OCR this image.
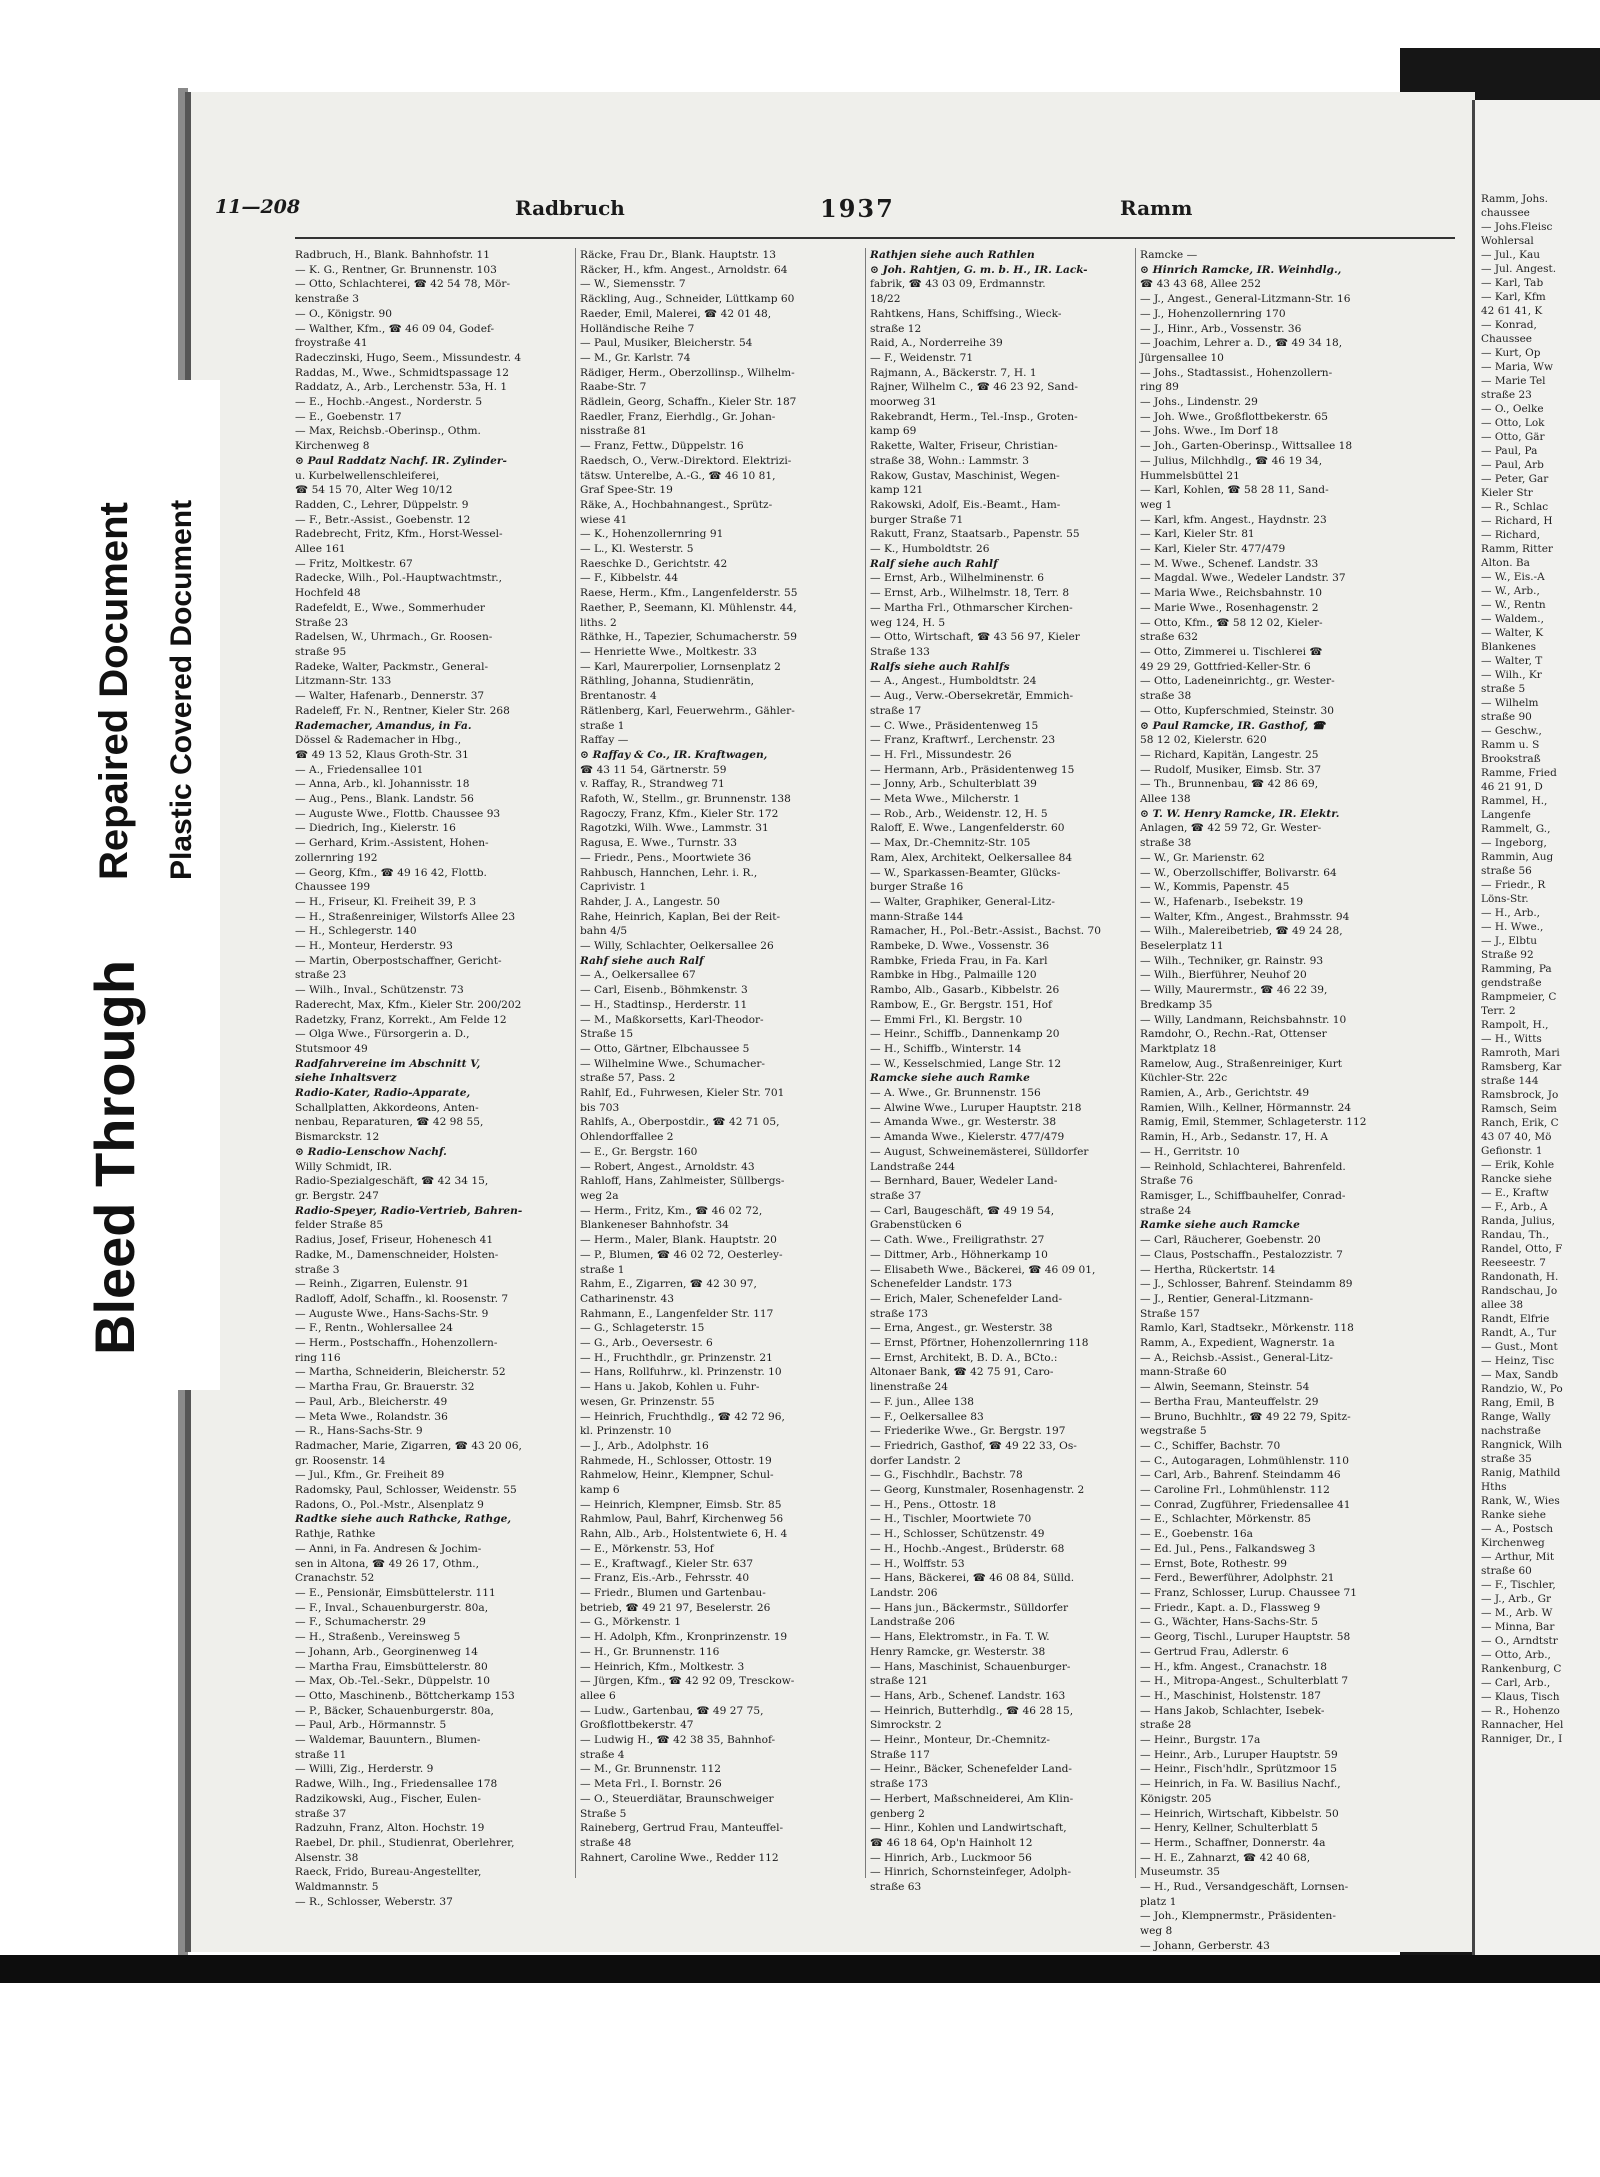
Ramm, Johs.
chaussee
— Johs.Fleisc
Wohlersal
— Jul., Kau
— Jul. Angest.
— Karl, Tab
— Karl, Kfm
42 61 41, K
— Konrad,
Chaussee
— Kurt, Op
— Maria, Ww
— Marie Tel
straße 23
— O., Oelke
— Otto, Lok
— Otto, Gär
— Paul, Pa
— Paul, Arb
— Peter, Gar
Kieler Str
— R., Schlac
— Richard, H
— Richard,
Ramm, Ritter
Alton. Ba
— W., Eis.-A
— W., Arb.,
— W., Rentn
— Waldem.,
— Walter, K
Blankenes
— Walter, T
— Wilh., Kr
straße 5
— Wilhelm
straße 90
— Geschw.,
Ramm u. S
Brookstraß
Ramme, Fried
46 21 91, D
Rammel, H.,
Langenfe
Rammelt, G.,
— Ingeborg,
Rammin, Aug
straße 56
— Friedr., R
Löns-Str.
— H., Arb.,
— H. Wwe.,
— J., Elbtu
Straße 92
Ramming, Pa
gendstraße
Rampmeier, C
Terr. 2
Rampolt, H.,
— H., Witts
Ramroth, Mari
Ramsberg, Kar
straße 144
Ramsbrock, Jo
Ramsch, Seim
Ranch, Erik, C
43 07 40, Mö
Gefionstr. 1
— Erik, Kohle
Rancke siehe
— E., Kraftw
— F., Arb., A
Randa, Julius,
Randau, Th.,
Randel, Otto, F
Reeseestr. 7
Randonath, H.
Randschau, Jo
allee 38
Randt, Elfrie
Randt, A., Tur
— Gust., Mont
— Heinz, Tisc
— Max, Sandb
Randzio, W., Po
Rang, Emil, B
Range, Wally
nachstraße
Rangnick, Wilh
straße 35
Ranig, Mathild
Hths
Rank, W., Wies
Ranke siehe
— A., Postsch
Kirchenweg
— Arthur, Mit
straße 60
— F., Tischler,
— J., Arb., Gr
— M., Arb. W
— Minna, Bar
— O., Arndtstr
— Otto, Arb.,
Rankenburg, C
— Carl, Arb.,
— Klaus, Tisch
— R., Hohenzo
Rannacher, Hel
Ranniger, Dr., I
Bleed Through
Repaired Document Plastic Covered Document
11—208	Radbruch	1937	Ramm
Radbruch, H., Blank. Bahnhofstr. 11
— K. G., Rentner, Gr. Brunnenstr. 103
— Otto, Schlachterei, ☎ 42 54 78, Mör-
kenstraße 3
— O., Königstr. 90
— Walther, Kfm., ☎ 46 09 04, Godef-
froystraße 41
Radeczinski, Hugo, Seem., Missundestr. 4
Raddas, M., Wwe., Schmidtspassage 12
Raddatz, A., Arb., Lerchenstr. 53a, H. 1
— E., Hochb.-Angest., Norderstr. 5
— E., Goebenstr. 17
— Max, Reichsb.-Oberinsp., Othm.
Kirchenweg 8
⊙ Paul Raddatz Nachf. IR. Zylinder-
u. Kurbelwellenschleiferei,
☎ 54 15 70, Alter Weg 10/12
Radden, C., Lehrer, Düppelstr. 9
— F., Betr.-Assist., Goebenstr. 12
Radebrecht, Fritz, Kfm., Horst-Wessel-
Allee 161
— Fritz, Moltkestr. 67
Radecke, Wilh., Pol.-Hauptwachtmstr.,
Hochfeld 48
Radefeldt, E., Wwe., Sommerhuder
Straße 23
Radelsen, W., Uhrmach., Gr. Roosen-
straße 95
Radeke, Walter, Packmstr., General-
Litzmann-Str. 133
— Walter, Hafenarb., Dennerstr. 37
Radeleff, Fr. N., Rentner, Kieler Str. 268
Rademacher, Amandus, in Fa.
Dössel & Rademacher in Hbg.,
☎ 49 13 52, Klaus Groth-Str. 31
— A., Friedensallee 101
— Anna, Arb., kl. Johannisstr. 18
— Aug., Pens., Blank. Landstr. 56
— Auguste Wwe., Flottb. Chaussee 93
— Diedrich, Ing., Kielerstr. 16
— Gerhard, Krim.-Assistent, Hohen-
zollernring 192
— Georg, Kfm., ☎ 49 16 42, Flottb.
Chaussee 199
— H., Friseur, Kl. Freiheit 39, P. 3
— H., Straßenreiniger, Wilstorfs Allee 23
— H., Schlegerstr. 140
— H., Monteur, Herderstr. 93
— Martin, Oberpostschaffner, Gericht-
straße 23
— Wilh., Inval., Schützenstr. 73
Raderecht, Max, Kfm., Kieler Str. 200/202
Radetzky, Franz, Korrekt., Am Felde 12
— Olga Wwe., Fürsorgerin a. D.,
Stutsmoor 49
Radfahrvereine im Abschnitt V,
siehe Inhaltsverz
Radio-Kater, Radio-Apparate,
Schallplatten, Akkordeons, Anten-
nenbau, Reparaturen, ☎ 42 98 55,
Bismarckstr. 12
⊙ Radio-Lenschow Nachf.
Willy Schmidt, IR.
Radio-Spezialgeschäft, ☎ 42 34 15,
gr. Bergstr. 247
Radio-Speyer, Radio-Vertrieb, Bahren-
felder Straße 85
Radius, Josef, Friseur, Hohenesch 41
Radke, M., Damenschneider, Holsten-
straße 3
— Reinh., Zigarren, Eulenstr. 91
Radloff, Adolf, Schaffn., kl. Roosenstr. 7
— Auguste Wwe., Hans-Sachs-Str. 9
— F., Rentn., Wohlersallee 24
— Herm., Postschaffn., Hohenzollern-
ring 116
— Martha, Schneiderin, Bleicherstr. 52
— Martha Frau, Gr. Brauerstr. 32
— Paul, Arb., Bleicherstr. 49
— Meta Wwe., Rolandstr. 36
— R., Hans-Sachs-Str. 9
Radmacher, Marie, Zigarren, ☎ 43 20 06,
gr. Roosenstr. 14
— Jul., Kfm., Gr. Freiheit 89
Radomsky, Paul, Schlosser, Weidenstr. 55
Radons, O., Pol.-Mstr., Alsenplatz 9
Radtke siehe auch Rathcke, Rathge,
Rathje, Rathke
— Anni, in Fa. Andresen & Jochim-
sen in Altona, ☎ 49 26 17, Othm.,
Cranachstr. 52
— E., Pensionär, Eimsbüttelerstr. 111
— F., Inval., Schauenburgerstr. 80a,
— F., Schumacherstr. 29
— H., Straßenb., Vereinsweg 5
— Johann, Arb., Georginenweg 14
— Martha Frau, Eimsbüttelerstr. 80
— Max, Ob.-Tel.-Sekr., Düppelstr. 10
— Otto, Maschinenb., Böttcherkamp 153
— P., Bäcker, Schauenburgerstr. 80a,
— Paul, Arb., Hörmannstr. 5
— Waldemar, Bauuntern., Blumen-
straße 11
— Willi, Zig., Herderstr. 9
Radwe, Wilh., Ing., Friedensallee 178
Radzikowski, Aug., Fischer, Eulen-
straße 37
Radzuhn, Franz, Alton. Hochstr. 19
Raebel, Dr. phil., Studienrat, Oberlehrer,
Alsenstr. 38
Raeck, Frido, Bureau-Angestellter,
Waldmannstr. 5
— R., Schlosser, Weberstr. 37
Räcke, Frau Dr., Blank. Hauptstr. 13
Räcker, H., kfm. Angest., Arnoldstr. 64
— W., Siemensstr. 7
Räckling, Aug., Schneider, Lüttkamp 60
Raeder, Emil, Malerei, ☎ 42 01 48,
Holländische Reihe 7
— Paul, Musiker, Bleicherstr. 54
— M., Gr. Karlstr. 74
Rädiger, Herm., Oberzollinsp., Wilhelm-
Raabe-Str. 7
Rädlein, Georg, Schaffn., Kieler Str. 187
Raedler, Franz, Eierhdlg., Gr. Johan-
nisstraße 81
— Franz, Fettw., Düppelstr. 16
Raedsch, O., Verw.-Direktord. Elektrizi-
tätsw. Unterelbe, A.-G., ☎ 46 10 81,
Graf Spee-Str. 19
Räke, A., Hochbahnangest., Sprütz-
wiese 41
— K., Hohenzollernring 91
— L., Kl. Westerstr. 5
Raeschke D., Gerichtstr. 42
— F., Kibbelstr. 44
Raese, Herm., Kfm., Langenfelderstr. 55
Raether, P., Seemann, Kl. Mühlenstr. 44,
liths. 2
Räthke, H., Tapezier, Schumacherstr. 59
— Henriette Wwe., Moltkestr. 33
— Karl, Maurerpolier, Lornsenplatz 2
Räthling, Johanna, Studienrätin,
Brentanostr. 4
Rätlenberg, Karl, Feuerwehrm., Gähler-
straße 1
Raffay —
⊙ Raffay & Co., IR. Kraftwagen,
☎ 43 11 54, Gärtnerstr. 59
v. Raffay, R., Strandweg 71
Rafoth, W., Stellm., gr. Brunnenstr. 138
Ragoczy, Franz, Kfm., Kieler Str. 172
Ragotzki, Wilh. Wwe., Lammstr. 31
Ragusa, E. Wwe., Turnstr. 33
— Friedr., Pens., Moortwiete 36
Rahbusch, Hannchen, Lehr. i. R.,
Caprivistr. 1
Rahder, J. A., Langestr. 50
Rahe, Heinrich, Kaplan, Bei der Reit-
bahn 4/5
— Willy, Schlachter, Oelkersallee 26
Rahf siehe auch Ralf
— A., Oelkersallee 67
— Carl, Eisenb., Böhmkenstr. 3
— H., Stadtinsp., Herderstr. 11
— M., Maßkorsetts, Karl-Theodor-
Straße 15
— Otto, Gärtner, Elbchaussee 5
— Wilhelmine Wwe., Schumacher-
straße 57, Pass. 2
Rahlf, Ed., Fuhrwesen, Kieler Str. 701
bis 703
Rahlfs, A., Oberpostdir., ☎ 42 71 05,
Ohlendorffallee 2
— E., Gr. Bergstr. 160
— Robert, Angest., Arnoldstr. 43
Rahloff, Hans, Zahlmeister, Süllbergs-
weg 2a
— Herm., Fritz, Km., ☎ 46 02 72,
Blankeneser Bahnhofstr. 34
— Herm., Maler, Blank. Hauptstr. 20
— P., Blumen, ☎ 46 02 72, Oesterley-
straße 1
Rahm, E., Zigarren, ☎ 42 30 97,
Catharinenstr. 43
Rahmann, E., Langenfelder Str. 117
— G., Schlageterstr. 15
— G., Arb., Oeversestr. 6
— H., Fruchthdlr., gr. Prinzenstr. 21
— Hans, Rollfuhrw., kl. Prinzenstr. 10
— Hans u. Jakob, Kohlen u. Fuhr-
wesen, Gr. Prinzenstr. 55
— Heinrich, Fruchthdlg., ☎ 42 72 96,
kl. Prinzenstr. 10
— J., Arb., Adolphstr. 16
Rahmede, H., Schlosser, Ottostr. 19
Rahmelow, Heinr., Klempner, Schul-
kamp 6
— Heinrich, Klempner, Eimsb. Str. 85
Rahmlow, Paul, Bahrf, Kirchenweg 56
Rahn, Alb., Arb., Holstentwiete 6, H. 4
— E., Mörkenstr. 53, Hof
— E., Kraftwagf., Kieler Str. 637
— Franz, Eis.-Arb., Fehrsstr. 40
— Friedr., Blumen und Gartenbau-
betrieb, ☎ 49 21 97, Beselerstr. 26
— G., Mörkenstr. 1
— H. Adolph, Kfm., Kronprinzenstr. 19
— H., Gr. Brunnenstr. 116
— Heinrich, Kfm., Moltkestr. 3
— Jürgen, Kfm., ☎ 42 92 09, Tresckow-
allee 6
— Ludw., Gartenbau, ☎ 49 27 75,
Großflottbekerstr. 47
— Ludwig H., ☎ 42 38 35, Bahnhof-
straße 4
— M., Gr. Brunnenstr. 112
— Meta Frl., I. Bornstr. 26
— O., Steuerdiätar, Braunschweiger
Straße 5
Raineberg, Gertrud Frau, Manteuffel-
straße 48
Rahnert, Caroline Wwe., Redder 112
Rathjen siehe auch Rathlen
⊙ Joh. Rahtjen, G. m. b. H., IR. Lack-
fabrik, ☎ 43 03 09, Erdmannstr.
18/22
Rahtkens, Hans, Schiffsing., Wieck-
straße 12
Raid, A., Norderreihe 39
— F., Weidenstr. 71
Rajmann, A., Bäckerstr. 7, H. 1
Rajner, Wilhelm C., ☎ 46 23 92, Sand-
moorweg 31
Rakebrandt, Herm., Tel.-Insp., Groten-
kamp 69
Rakette, Walter, Friseur, Christian-
straße 38, Wohn.: Lammstr. 3
Rakow, Gustav, Maschinist, Wegen-
kamp 121
Rakowski, Adolf, Eis.-Beamt., Ham-
burger Straße 71
Rakutt, Franz, Staatsarb., Papenstr. 55
— K., Humboldtstr. 26
Ralf siehe auch Rahlf
— Ernst, Arb., Wilhelminenstr. 6
— Ernst, Arb., Wilhelmstr. 18, Terr. 8
— Martha Frl., Othmarscher Kirchen-
weg 124, H. 5
— Otto, Wirtschaft, ☎ 43 56 97, Kieler
Straße 133
Ralfs siehe auch Rahlfs
— A., Angest., Humboldtstr. 24
— Aug., Verw.-Obersekretär, Emmich-
straße 17
— C. Wwe., Präsidentenweg 15
— Franz, Kraftwrf., Lerchenstr. 23
— H. Frl., Missundestr. 26
— Hermann, Arb., Präsidentenweg 15
— Jonny, Arb., Schulterblatt 39
— Meta Wwe., Milcherstr. 1
— Rob., Arb., Weidenstr. 12, H. 5
Raloff, E. Wwe., Langenfelderstr. 60
— Max, Dr.-Chemnitz-Str. 105
Ram, Alex, Architekt, Oelkersallee 84
— W., Sparkassen-Beamter, Glücks-
burger Straße 16
— Walter, Graphiker, General-Litz-
mann-Straße 144
Ramacher, H., Pol.-Betr.-Assist., Bachst. 70
Rambeke, D. Wwe., Vossenstr. 36
Rambke, Frieda Frau, in Fa. Karl
Rambke in Hbg., Palmaille 120
Rambo, Alb., Gasarb., Kibbelstr. 26
Rambow, E., Gr. Bergstr. 151, Hof
— Emmi Frl., Kl. Bergstr. 10
— Heinr., Schiffb., Dannenkamp 20
— H., Schiffb., Winterstr. 14
— W., Kesselschmied, Lange Str. 12
Ramcke siehe auch Ramke
— A. Wwe., Gr. Brunnenstr. 156
— Alwine Wwe., Luruper Hauptstr. 218
— Amanda Wwe., gr. Westerstr. 38
— Amanda Wwe., Kielerstr. 477/479
— August, Schweinemästerei, Sülldorfer
Landstraße 244
— Bernhard, Bauer, Wedeler Land-
straße 37
— Carl, Baugeschäft, ☎ 49 19 54,
Grabenstücken 6
— Cath. Wwe., Freiligrathstr. 27
— Dittmer, Arb., Höhnerkamp 10
— Elisabeth Wwe., Bäckerei, ☎ 46 09 01,
Schenefelder Landstr. 173
— Erich, Maler, Schenefelder Land-
straße 173
— Erna, Angest., gr. Westerstr. 38
— Ernst, Pförtner, Hohenzollernring 118
— Ernst, Architekt, B. D. A., BCto.:
Altonaer Bank, ☎ 42 75 91, Caro-
linenstraße 24
— F. jun., Allee 138
— F., Oelkersallee 83
— Friederike Wwe., Gr. Bergstr. 197
— Friedrich, Gasthof, ☎ 49 22 33, Os-
dorfer Landstr. 2
— G., Fischhdlr., Bachstr. 78
— Georg, Kunstmaler, Rosenhagenstr. 2
— H., Pens., Ottostr. 18
— H., Tischler, Moortwiete 70
— H., Schlosser, Schützenstr. 49
— H., Hochb.-Angest., Brüderstr. 68
— H., Wolffstr. 53
— Hans, Bäckerei, ☎ 46 08 84, Sülld.
Landstr. 206
— Hans jun., Bäckermstr., Sülldorfer
Landstraße 206
— Hans, Elektromstr., in Fa. T. W.
Henry Ramcke, gr. Westerstr. 38
— Hans, Maschinist, Schauenburger-
straße 121
— Hans, Arb., Schenef. Landstr. 163
— Heinrich, Butterhdlg., ☎ 46 28 15,
Simrockstr. 2
— Heinr., Monteur, Dr.-Chemnitz-
Straße 117
— Heinr., Bäcker, Schenefelder Land-
straße 173
— Herbert, Maßschneiderei, Am Klin-
genberg 2
— Hinr., Kohlen und Landwirtschaft,
☎ 46 18 64, Op'n Hainholt 12
— Hinrich, Arb., Luckmoor 56
— Hinrich, Schornsteinfeger, Adolph-
straße 63
Ramcke —
⊙ Hinrich Ramcke, IR. Weinhdlg.,
☎ 43 43 68, Allee 252
— J., Angest., General-Litzmann-Str. 16
— J., Hohenzollernring 170
— J., Hinr., Arb., Vossenstr. 36
— Joachim, Lehrer a. D., ☎ 49 34 18,
Jürgensallee 10
— Johs., Stadtassist., Hohenzollern-
ring 89
— Johs., Lindenstr. 29
— Joh. Wwe., Großflottbekerstr. 65
— Johs. Wwe., Im Dorf 18
— Joh., Garten-Oberinsp., Wittsallee 18
— Julius, Milchhdlg., ☎ 46 19 34,
Hummelsbüttel 21
— Karl, Kohlen, ☎ 58 28 11, Sand-
weg 1
— Karl, kfm. Angest., Haydnstr. 23
— Karl, Kieler Str. 81
— Karl, Kieler Str. 477/479
— M. Wwe., Schenef. Landstr. 33
— Magdal. Wwe., Wedeler Landstr. 37
— Maria Wwe., Reichsbahnstr. 10
— Marie Wwe., Rosenhagenstr. 2
— Otto, Kfm., ☎ 58 12 02, Kieler-
straße 632
— Otto, Zimmerei u. Tischlerei ☎
49 29 29, Gottfried-Keller-Str. 6
— Otto, Ladeneinrichtg., gr. Wester-
straße 38
— Otto, Kupferschmied, Steinstr. 30
⊙ Paul Ramcke, IR. Gasthof, ☎
58 12 02, Kielerstr. 620
— Richard, Kapitän, Langestr. 25
— Rudolf, Musiker, Eimsb. Str. 37
— Th., Brunnenbau, ☎ 42 86 69,
Allee 138
⊙ T. W. Henry Ramcke, IR. Elektr.
Anlagen, ☎ 42 59 72, Gr. Wester-
straße 38
— W., Gr. Marienstr. 62
— W., Oberzollschiffer, Bolivarstr. 64
— W., Kommis, Papenstr. 45
— W., Hafenarb., Isebekstr. 19
— Walter, Kfm., Angest., Brahmsstr. 94
— Wilh., Malereibetrieb, ☎ 49 24 28,
Beselerplatz 11
— Wilh., Techniker, gr. Rainstr. 93
— Wilh., Bierführer, Neuhof 20
— Willy, Maurermstr., ☎ 46 22 39,
Bredkamp 35
— Willy, Landmann, Reichsbahnstr. 10
Ramdohr, O., Rechn.-Rat, Ottenser
Marktplatz 18
Ramelow, Aug., Straßenreiniger, Kurt
Küchler-Str. 22c
Ramien, A., Arb., Gerichtstr. 49
Ramien, Wilh., Kellner, Hörmannstr. 24
Ramig, Emil, Stemmer, Schlageterstr. 112
Ramin, H., Arb., Sedanstr. 17, H. A
— H., Gerritstr. 10
— Reinhold, Schlachterei, Bahrenfeld.
Straße 76
Ramisger, L., Schiffbauhelfer, Conrad-
straße 24
Ramke siehe auch Ramcke
— Carl, Räucherer, Goebenstr. 20
— Claus, Postschaffn., Pestalozzistr. 7
— Hertha, Rückertstr. 14
— J., Schlosser, Bahrenf. Steindamm 89
— J., Rentier, General-Litzmann-
Straße 157
Ramlo, Karl, Stadtsekr., Mörkenstr. 118
Ramm, A., Expedient, Wagnerstr. 1a
— A., Reichsb.-Assist., General-Litz-
mann-Straße 60
— Alwin, Seemann, Steinstr. 54
— Bertha Frau, Manteuffelstr. 29
— Bruno, Buchhltr., ☎ 49 22 79, Spitz-
wegstraße 5
— C., Schiffer, Bachstr. 70
— C., Autogaragen, Lohmühlenstr. 110
— Carl, Arb., Bahrenf. Steindamm 46
— Caroline Frl., Lohmühlenstr. 112
— Conrad, Zugführer, Friedensallee 41
— E., Schlachter, Mörkenstr. 85
— E., Goebenstr. 16a
— Ed. Jul., Pens., Falkandsweg 3
— Ernst, Bote, Rothestr. 99
— Ferd., Bewerführer, Adolphstr. 21
— Franz, Schlosser, Lurup. Chaussee 71
— Friedr., Kapt. a. D., Flassweg 9
— G., Wächter, Hans-Sachs-Str. 5
— Georg, Tischl., Luruper Hauptstr. 58
— Gertrud Frau, Adlerstr. 6
— H., kfm. Angest., Cranachstr. 18
— H., Mitropa-Angest., Schulterblatt 7
— H., Maschinist, Holstenstr. 187
— Hans Jakob, Schlachter, Isebek-
straße 28
— Heinr., Burgstr. 17a
— Heinr., Arb., Luruper Hauptstr. 59
— Heinr., Fisch'hdlr., Sprützmoor 15
— Heinrich, in Fa. W. Basilius Nachf.,
Königstr. 205
— Heinrich, Wirtschaft, Kibbelstr. 50
— Henry, Kellner, Schulterblatt 5
— Herm., Schaffner, Donnerstr. 4a
— H. E., Zahnarzt, ☎ 42 40 68,
Museumstr. 35
— H., Rud., Versandgeschäft, Lornsen-
platz 1
— Joh., Klempnermstr., Präsidenten-
weg 8
— Johann, Gerberstr. 43
